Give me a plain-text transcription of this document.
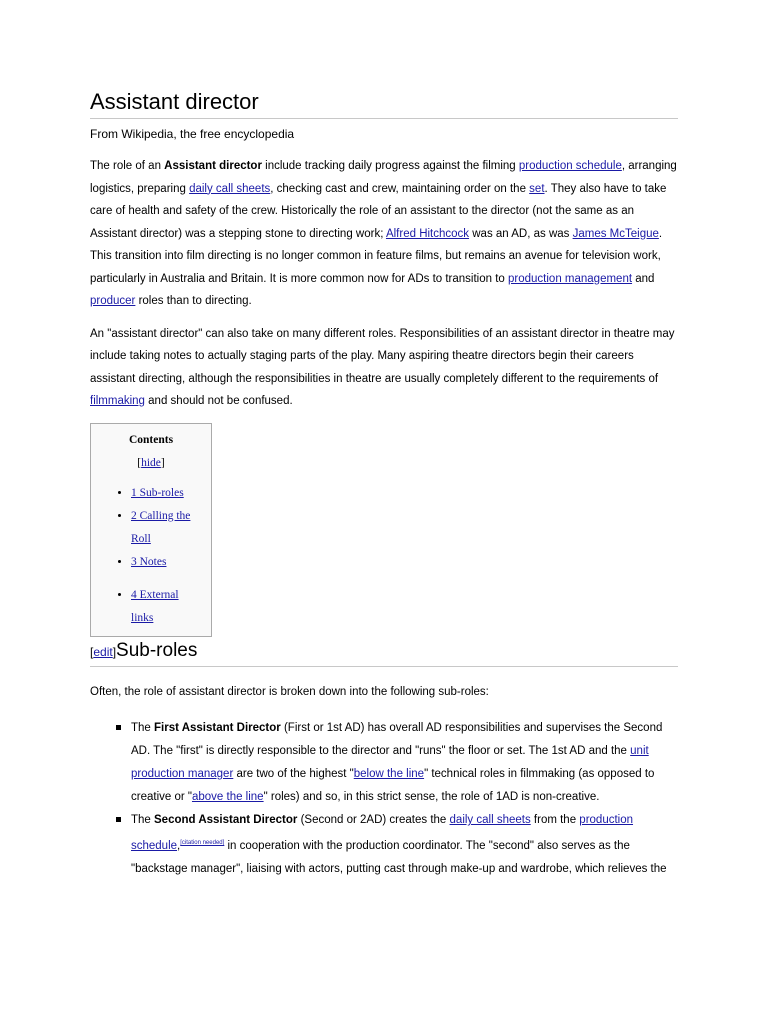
Assistant director
From Wikipedia, the free encyclopedia

The role of an Assistant director include tracking daily progress against the filming production schedule, arranging logistics, preparing daily call sheets, checking cast and crew, maintaining order on the set. They also have to take care of health and safety of the crew. Historically the role of an assistant to the director (not the same as an Assistant director) was a stepping stone to directing work; Alfred Hitchcock was an AD, as was James McTeigue. This transition into film directing is no longer common in feature films, but remains an avenue for television work, particularly in Australia and Britain. It is more common now for ADs to transition to production management and producer roles than to directing.

An "assistant director" can also take on many different roles. Responsibilities of an assistant director in theatre may include taking notes to actually staging parts of the play. Many aspiring theatre directors begin their careers assistant directing, although the responsibilities in theatre are usually completely different to the requirements of filmmaking and should not be confused.

Contents
[hide]
• 1 Sub-roles
• 2 Calling the Roll
• 3 Notes
• 4 External links
[edit]Sub-roles

Often, the role of assistant director is broken down into the following sub-roles:

The First Assistant Director (First or 1st AD) has overall AD responsibilities and supervises the Second AD. The "first" is directly responsible to the director and "runs" the floor or set. The 1st AD and the unit production manager are two of the highest "below the line" technical roles in filmmaking (as opposed to creative or "above the line" roles) and so, in this strict sense, the role of 1AD is non-creative.
The Second Assistant Director (Second or 2AD) creates the daily call sheets from the production schedule,[citation needed] in cooperation with the production coordinator. The "second" also serves as the "backstage manager", liaising with actors, putting cast through make-up and wardrobe, which relieves the
